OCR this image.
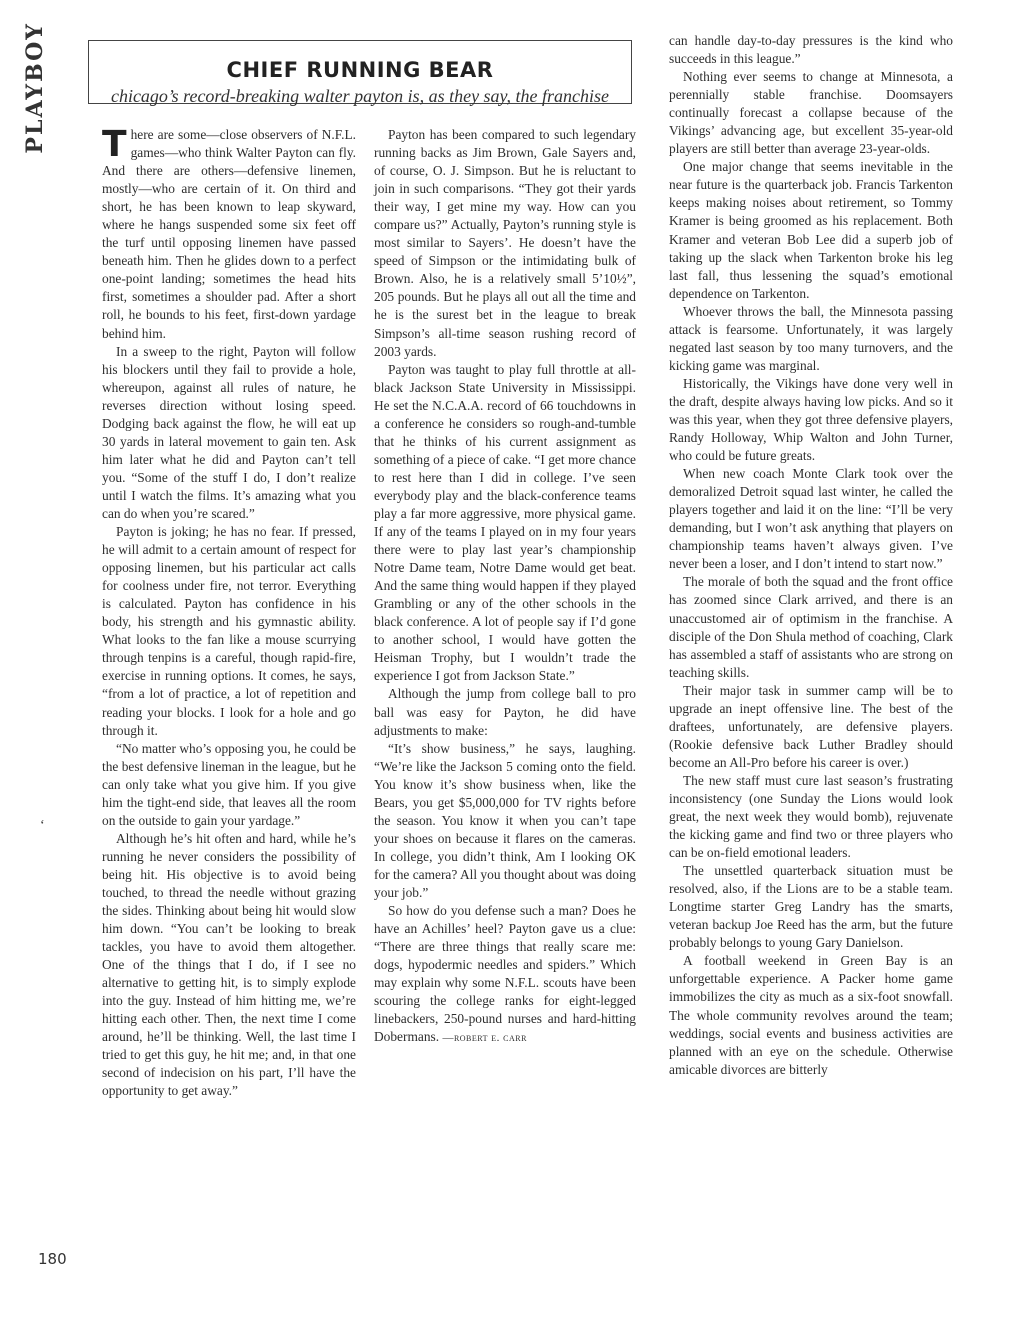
PLAYBOY
‘
180
CHIEF RUNNING BEAR
chicago’s record-breaking walter payton is, as they say, the franchise

There are some—close observers of N.F.L. games—who think Walter Payton can fly. And there are others—defensive linemen, mostly—who are certain of it. On third and short, he has been known to leap skyward, where he hangs suspended some six feet off the turf until opposing linemen have passed beneath him. Then he glides down to a perfect one-point landing; sometimes the head hits first, sometimes a shoulder pad. After a short roll, he bounds to his feet, first-down yardage behind him.

In a sweep to the right, Payton will follow his blockers until they fail to provide a hole, whereupon, against all rules of nature, he reverses direction without losing speed. Dodging back against the flow, he will eat up 30 yards in lateral movement to gain ten. Ask him later what he did and Payton can’t tell you. “Some of the stuff I do, I don’t realize until I watch the films. It’s amazing what you can do when you’re scared.”

Payton is joking; he has no fear. If pressed, he will admit to a certain amount of respect for opposing linemen, but his particular act calls for coolness under fire, not terror. Everything is calculated. Payton has confidence in his body, his strength and his gymnastic ability. What looks to the fan like a mouse scurrying through tenpins is a careful, though rapid-fire, exercise in running options. It comes, he says, “from a lot of practice, a lot of repetition and reading your blocks. I look for a hole and go through it.

“No matter who’s opposing you, he could be the best defensive lineman in the league, but he can only take what you give him. If you give him the tight-end side, that leaves all the room on the outside to gain your yardage.”

Although he’s hit often and hard, while he’s running he never considers the possibility of being hit. His objective is to avoid being touched, to thread the needle without grazing the sides. Thinking about being hit would slow him down. “You can’t be looking to break tackles, you have to avoid them altogether. One of the things that I do, if I see no alternative to getting hit, is to simply explode into the guy. Instead of him hitting me, we’re hitting each other. Then, the next time I come around, he’ll be thinking. Well, the last time I tried to get this guy, he hit me; and, in that one second of indecision on his part, I’ll have the opportunity to get away.”

Payton has been compared to such legendary running backs as Jim Brown, Gale Sayers and, of course, O. J. Simpson. But he is reluctant to join in such comparisons. “They got their yards their way, I get mine my way. How can you compare us?” Actually, Payton’s running style is most similar to Sayers’. He doesn’t have the speed of Simpson or the intimidating bulk of Brown. Also, he is a relatively small 5’10½”, 205 pounds. But he plays all out all the time and he is the surest bet in the league to break Simpson’s all-time season rushing record of 2003 yards.

Payton was taught to play full throttle at all-black Jackson State University in Mississippi. He set the N.C.A.A. record of 66 touchdowns in a conference he considers so rough-and-tumble that he thinks of his current assignment as something of a piece of cake. “I get more chance to rest here than I did in college. I’ve seen everybody play and the black-conference teams play a far more aggressive, more physical game. If any of the teams I played on in my four years there were to play last year’s championship Notre Dame team, Notre Dame would get beat. And the same thing would happen if they played Grambling or any of the other schools in the black conference. A lot of people say if I’d gone to another school, I would have gotten the Heisman Trophy, but I wouldn’t trade the experience I got from Jackson State.”

Although the jump from college ball to pro ball was easy for Payton, he did have adjustments to make:

“It’s show business,” he says, laughing. “We’re like the Jackson 5 coming onto the field. You know it’s show business when, like the Bears, you get $5,000,000 for TV rights before the season. You know it when you can’t tape your shoes on because it flares on the cameras. In college, you didn’t think, Am I looking OK for the camera? All you thought about was doing your job.”

So how do you defense such a man? Does he have an Achilles’ heel? Payton gave us a clue: “There are three things that really scare me: dogs, hypodermic needles and spiders.” Which may explain why some N.F.L. scouts have been scouring the college ranks for eight-legged linebackers, 250-pound nurses and hard-hitting Dobermans. —robert e. carr

can handle day-to-day pressures is the kind who succeeds in this league.”

Nothing ever seems to change at Minnesota, a perennially stable franchise. Doomsayers continually forecast a collapse because of the Vikings’ advancing age, but excellent 35-year-old players are still better than average 23-year-olds.

One major change that seems inevitable in the near future is the quarterback job. Francis Tarkenton keeps making noises about retirement, so Tommy Kramer is being groomed as his replacement. Both Kramer and veteran Bob Lee did a superb job of taking up the slack when Tarkenton broke his leg last fall, thus lessening the squad’s emotional dependence on Tarkenton.

Whoever throws the ball, the Minnesota passing attack is fearsome. Unfortunately, it was largely negated last season by too many turnovers, and the kicking game was marginal.

Historically, the Vikings have done very well in the draft, despite always having low picks. And so it was this year, when they got three defensive players, Randy Holloway, Whip Walton and John Turner, who could be future greats.

When new coach Monte Clark took over the demoralized Detroit squad last winter, he called the players together and laid it on the line: “I’ll be very demanding, but I won’t ask anything that players on championship teams haven’t always given. I’ve never been a loser, and I don’t intend to start now.”

The morale of both the squad and the front office has zoomed since Clark arrived, and there is an unaccustomed air of optimism in the franchise. A disciple of the Don Shula method of coaching, Clark has assembled a staff of assistants who are strong on teaching skills.

Their major task in summer camp will be to upgrade an inept offensive line. The best of the draftees, unfortunately, are defensive players. (Rookie defensive back Luther Bradley should become an All-Pro before his career is over.)

The new staff must cure last season’s frustrating inconsistency (one Sunday the Lions would look great, the next week they would bomb), rejuvenate the kicking game and find two or three players who can be on-field emotional leaders.

The unsettled quarterback situation must be resolved, also, if the Lions are to be a stable team. Longtime starter Greg Landry has the smarts, veteran backup Joe Reed has the arm, but the future probably belongs to young Gary Danielson.

A football weekend in Green Bay is an unforgettable experience. A Packer home game immobilizes the city as much as a six-foot snowfall. The whole community revolves around the team; weddings, social events and business activities are planned with an eye on the schedule. Otherwise amicable divorces are bitterly
